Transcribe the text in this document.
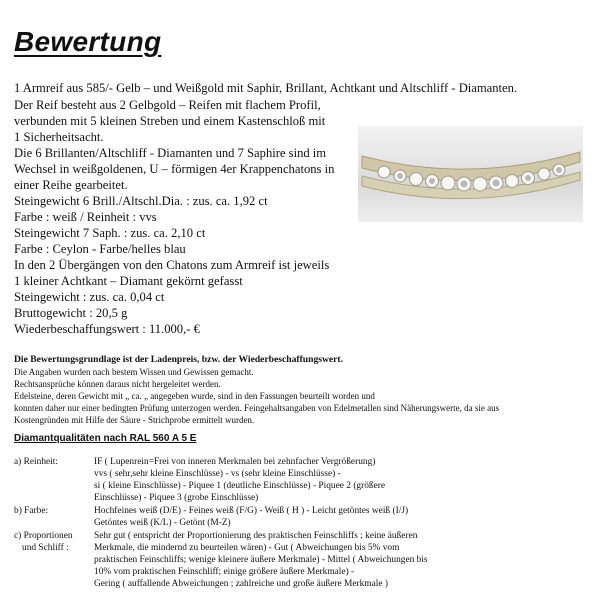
Bewertung
1 Armreif aus 585/- Gelb – und Weißgold mit Saphir, Brillant, Achtkant und Altschliff - Diamanten.
Der Reif besteht aus 2 Gelbgold – Reifen mit flachem Profil,
verbunden mit 5 kleinen Streben und einem Kastenschloß mit
1 Sicherheitsacht.
Die 6 Brillanten/Altschliff - Diamanten und 7 Saphire sind im
Wechsel in weißgoldenen, U – förmigen 4er Krappenchatons in
einer Reihe gearbeitet.
Steingewicht 6 Brill./Altschl.Dia. : zus. ca. 1,92 ct
Farbe : weiß / Reinheit : vvs
Steingewicht 7 Saph. : zus. ca. 2,10 ct
Farbe : Ceylon - Farbe/helles blau
In den 2 Übergängen von den Chatons zum Armreif ist jeweils
1 kleiner Achtkant – Diamant gekörnt gefasst
Steingewicht : zus. ca. 0,04 ct
Bruttogewicht : 20,5 g
Wiederbeschaffungswert : 11.000,- €
Die Bewertungsgrundlage ist der Ladenpreis, bzw. der Wiederbeschaffungswert.
Die Angaben wurden nach bestem Wissen und Gewissen gemacht.
Rechtsansprüche können daraus nicht hergeleitet werden.
Edelsteine, deren Gewicht mit „ ca. „ angegeben wurde, sind in den Fassungen beurteilt worden und
konnten daher nur einer bedingten Prüfung unterzogen werden. Feingehaltsangaben von Edelmetallen sind Näherungswerte, da sie aus
Kostengründen mit Hilfe der Säure - Strichprobe ermittelt wurden.
Diamantqualitäten nach RAL 560 A 5 E
a) Reinheit:	IF ( Lupenrein=Frei von inneren Merkmalen bei zehnfacher Vergrößerung)
vvs ( sehr,sehr kleine Einschlüsse) - vs (sehr kleine Einschlüsse) -
si ( kleine Einschlüsse) - Piquee 1 (deutliche Einschlüsse) - Piquee 2 (größere
Einschlüsse) - Piquee 3 (grobe Einschlüsse)
b) Farbe:	Hochfeines weiß (D/E) - Feines weiß (F/G) - Weiß ( H ) - Leicht getöntes weiß (I/J)
Getöntes weiß (K/L) - Getönt (M-Z)
c) Proportionen
und Schliff :
Sehr gut ( entspricht der Proportionierung des praktischen Feinschliffs ; keine äußeren
Merkmale, die mindernd zu beurteilen wären) - Gut ( Abweichungen bis 5% vom
praktischen Feinschliffs; wenige kleinere äußere Merkmale) - Mittel ( Abweichungen bis
10% vom praktischen Feinschliff; einige größere äußere Merkmale) -
Gering ( auffallende Abweichungen ; zahlreiche und große äußere Merkmale )
